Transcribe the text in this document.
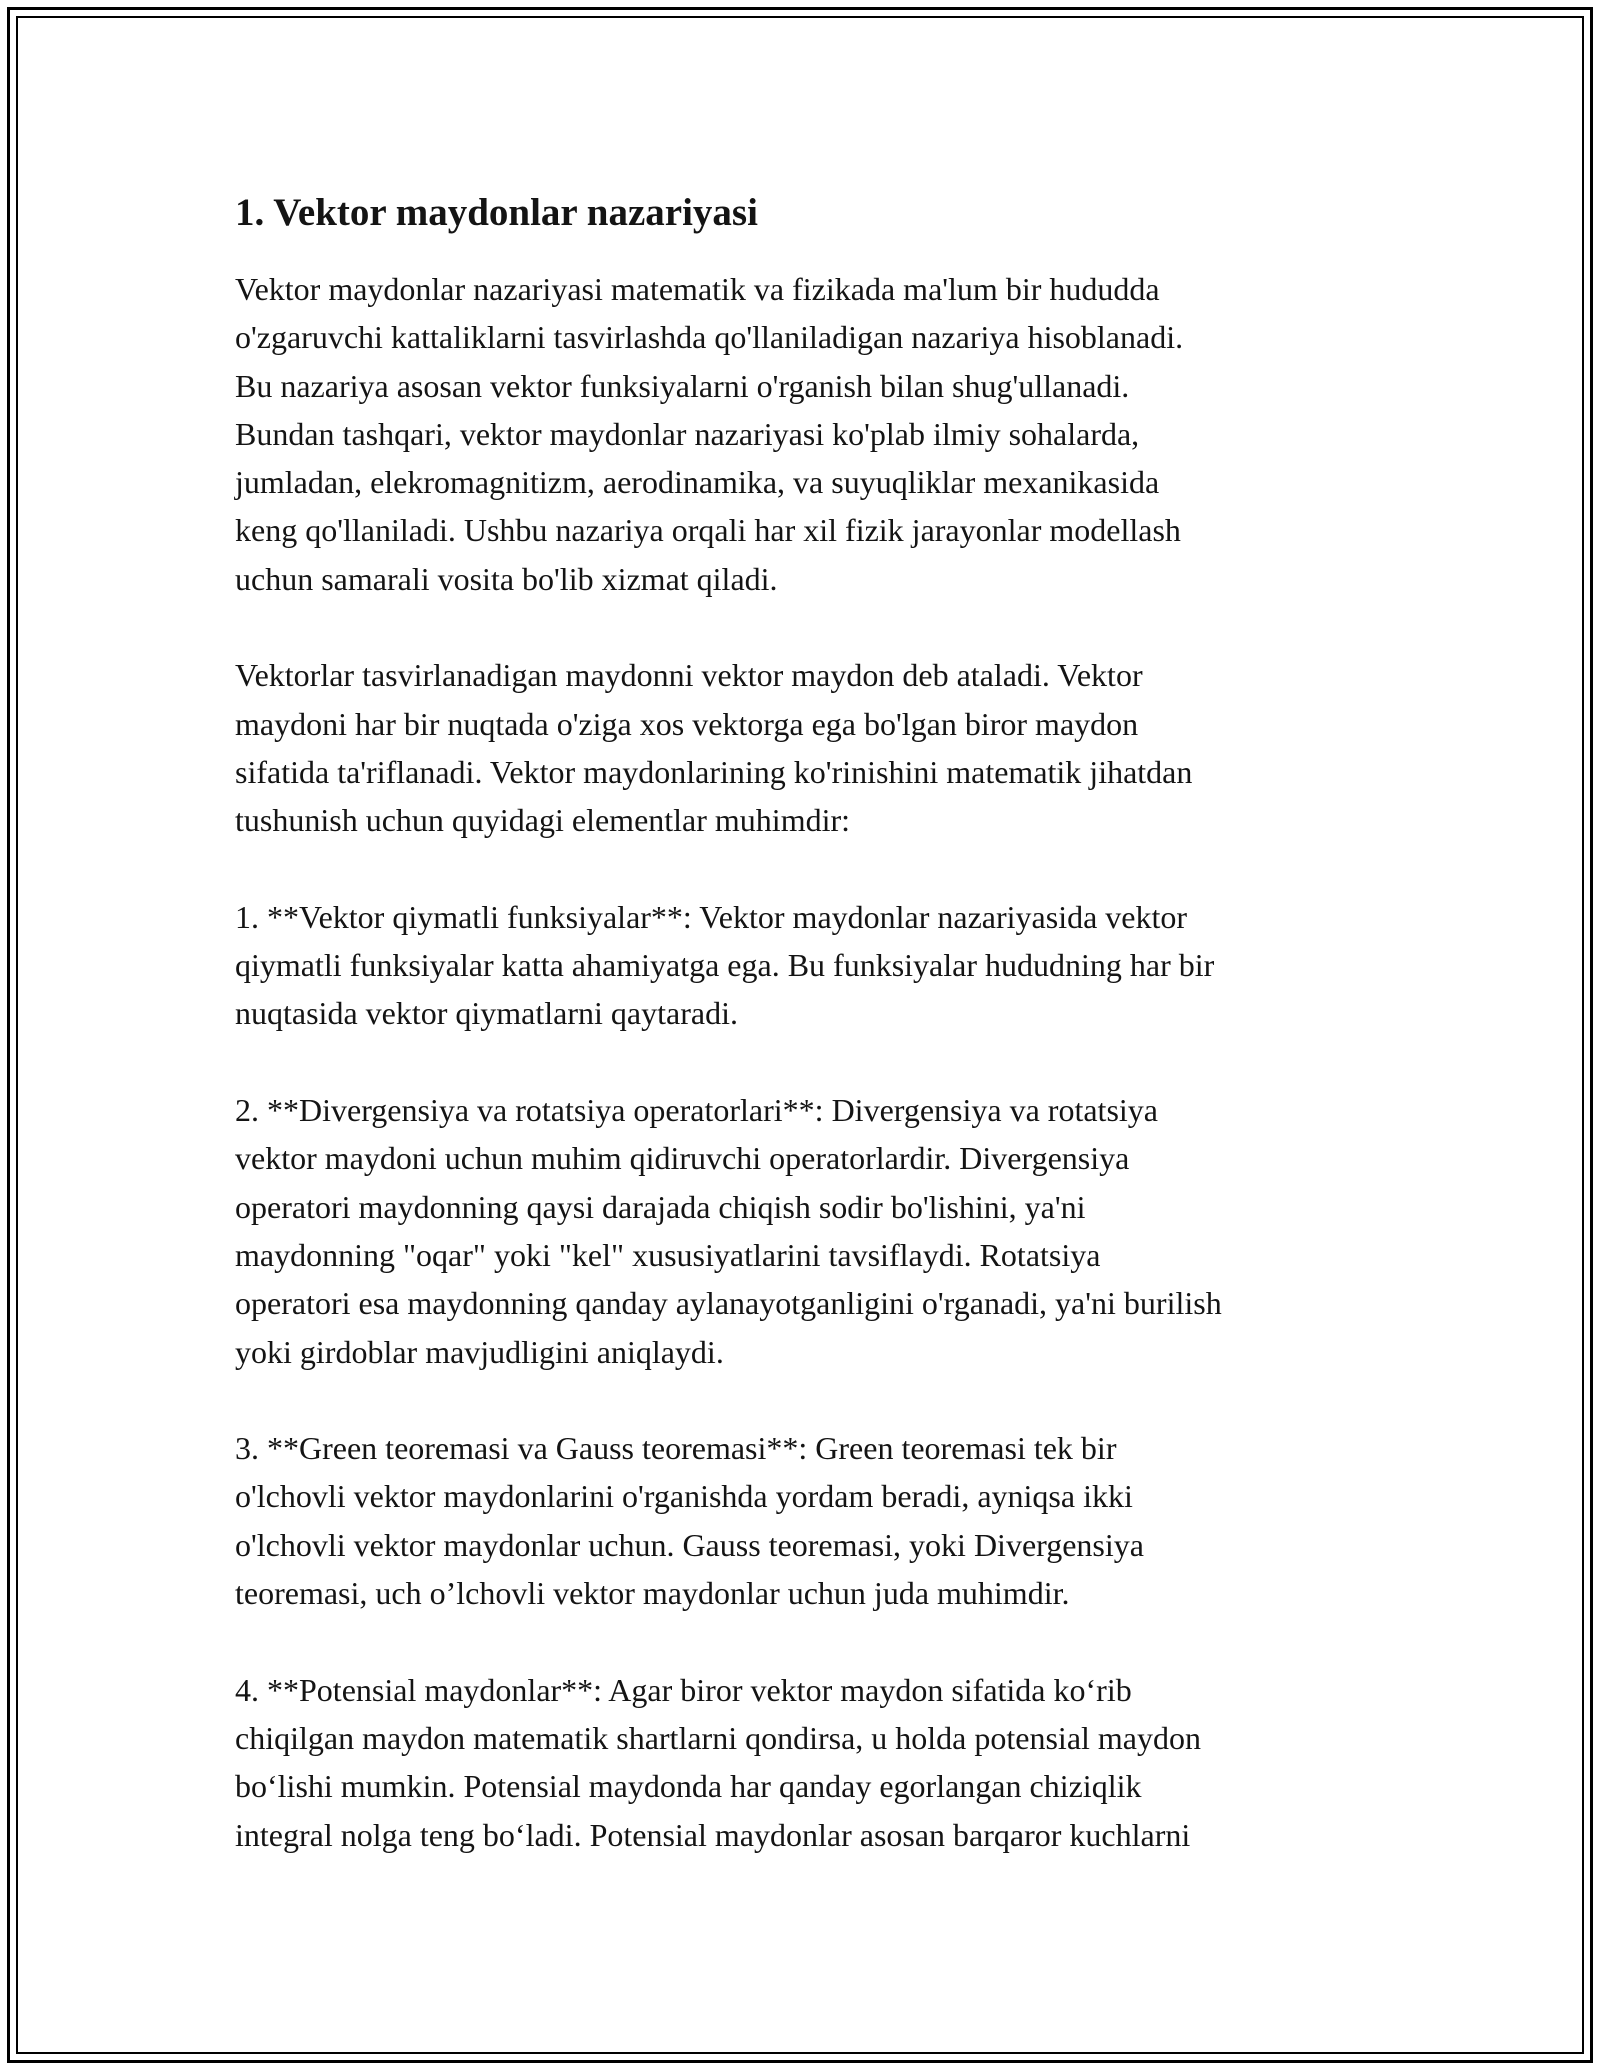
1. Vektor maydonlar nazariyasi

Vektor maydonlar nazariyasi matematik va fizikada ma'lum bir hududda
o'zgaruvchi kattaliklarni tasvirlashda qo'llaniladigan nazariya hisoblanadi.
Bu nazariya asosan vektor funksiyalarni o'rganish bilan shug'ullanadi.
Bundan tashqari, vektor maydonlar nazariyasi ko'plab ilmiy sohalarda,
jumladan, elekromagnitizm, aerodinamika, va suyuqliklar mexanikasida
keng qo'llaniladi. Ushbu nazariya orqali har xil fizik jarayonlar modellash
uchun samarali vosita bo'lib xizmat qiladi.

Vektorlar tasvirlanadigan maydonni vektor maydon deb ataladi. Vektor
maydoni har bir nuqtada o'ziga xos vektorga ega bo'lgan biror maydon
sifatida ta'riflanadi. Vektor maydonlarining ko'rinishini matematik jihatdan
tushunish uchun quyidagi elementlar muhimdir:

1. **Vektor qiymatli funksiyalar**: Vektor maydonlar nazariyasida vektor
qiymatli funksiyalar katta ahamiyatga ega. Bu funksiyalar hududning har bir
nuqtasida vektor qiymatlarni qaytaradi.

2. **Divergensiya va rotatsiya operatorlari**: Divergensiya va rotatsiya
vektor maydoni uchun muhim qidiruvchi operatorlardir. Divergensiya
operatori maydonning qaysi darajada chiqish sodir bo'lishini, ya'ni
maydonning "oqar" yoki "kel" xususiyatlarini tavsiflaydi. Rotatsiya
operatori esa maydonning qanday aylanayotganligini o'rganadi, ya'ni burilish
yoki girdoblar mavjudligini aniqlaydi.

3. **Green teoremasi va Gauss teoremasi**: Green teoremasi tek bir
o'lchovli vektor maydonlarini o'rganishda yordam beradi, ayniqsa ikki
o'lchovli vektor maydonlar uchun. Gauss teoremasi, yoki Divergensiya
teoremasi, uch o’lchovli vektor maydonlar uchun juda muhimdir.

4. **Potensial maydonlar**: Agar biror vektor maydon sifatida ko‘rib
chiqilgan maydon matematik shartlarni qondirsa, u holda potensial maydon
bo‘lishi mumkin. Potensial maydonda har qanday egorlangan chiziqlik
integral nolga teng bo‘ladi. Potensial maydonlar asosan barqaror kuchlarni
